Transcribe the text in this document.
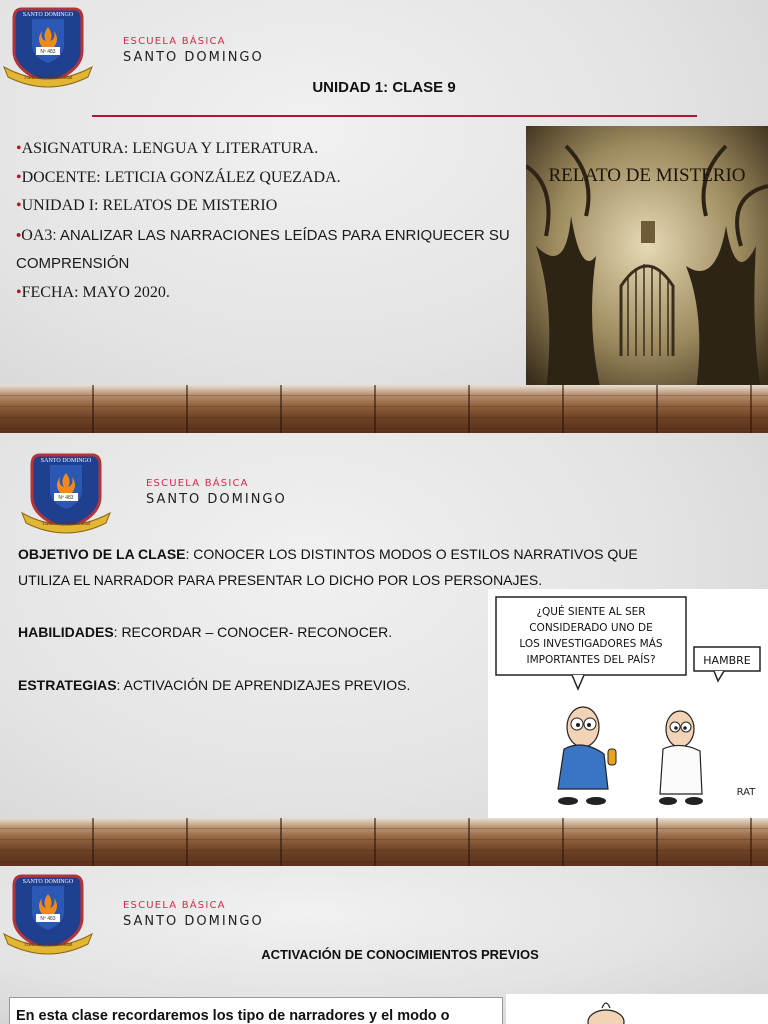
Tradición y Modernidad
SANTO DOMINGO
Nº 483
ESCUELA BÁSICA
SANTO DOMINGO
UNIDAD 1: CLASE 9
•ASIGNATURA: LENGUA Y LITERATURA.
•DOCENTE: LETICIA GONZÁLEZ QUEZADA.
•UNIDAD I: RELATOS DE MISTERIO
•OA3: ANALIZAR LAS NARRACIONES LEÍDAS PARA ENRIQUECER SU COMPRENSIÓN
•FECHA: MAYO 2020.
RELATO DE MISTERIO
Tradición y Modernidad
SANTO DOMINGO
Nº 483
ESCUELA BÁSICA
SANTO DOMINGO
OBJETIVO DE LA CLASE: CONOCER LOS DISTINTOS MODOS O ESTILOS NARRATIVOS QUE UTILIZA EL NARRADOR PARA PRESENTAR LO DICHO POR LOS PERSONAJES.
HABILIDADES: RECORDAR – CONOCER- RECONOCER.
ESTRATEGIAS: ACTIVACIÓN DE APRENDIZAJES PREVIOS.
¿QUÉ SIENTE AL SER
CONSIDERADO UNO DE
LOS INVESTIGADORES MÁS
IMPORTANTES DEL PAÍS?	HAMBRE
RAT
Tradición y Modernidad
SANTO DOMINGO
Nº 483
ESCUELA BÁSICA
SANTO DOMINGO
ACTIVACIÓN DE CONOCIMIENTOS PREVIOS
En esta clase recordaremos los tipo de narradores y el modo o
